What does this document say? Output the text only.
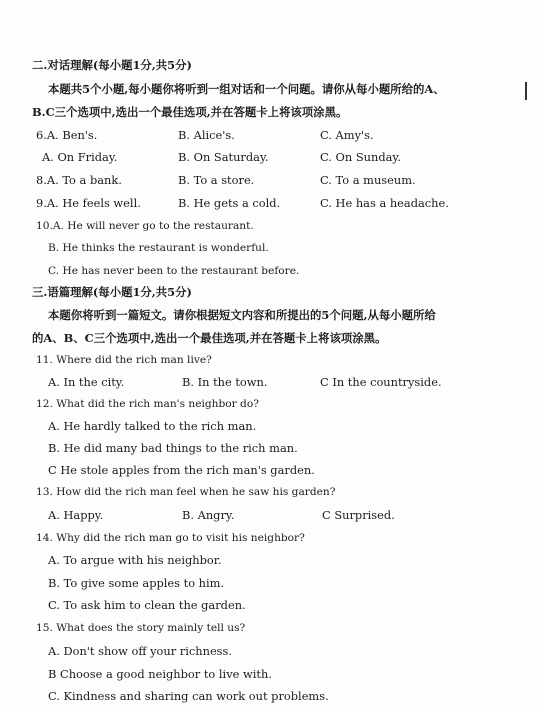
二.对话理解(每小题1分,共5分)
本题共5个小题,每小题你将听到一组对话和一个问题。请你从每小题所给的A、
B.C三个选项中,选出一个最佳选项,并在答题卡上将该项涂黑。
6.A. Ben's.	B. Alice's.	C. Amy's.
A. On Friday.	B. On Saturday.	C. On Sunday.
8.A. To a bank.	B. To a store.	C. To a museum.
9.A. He feels well.	B. He gets a cold.	C. He has a headache.
10.A. He will never go to the restaurant.
B. He thinks the restaurant is wonderful.
C. He has never been to the restaurant before.
三.语篇理解(每小题1分,共5分)
本题你将听到一篇短文。请你根据短文内容和所提出的5个问题,从每小题所给
的A、B、C三个选项中,选出一个最佳选项,并在答题卡上将该项涂黑。
11. Where did the rich man live?
A. In the city.	B. In the town.	C In the countryside.
12. What did the rich man's neighbor do?
A. He hardly talked to the rich man.
B. He did many bad things to the rich man.
C He stole apples from the rich man's garden.
13. How did the rich man feel when he saw his garden?
A. Happy.	B. Angry.	C Surprised.
14. Why did the rich man go to visit his neighbor?
A. To argue with his neighbor.
B. To give some apples to him.
C. To ask him to clean the garden.
15. What does the story mainly tell us?
A. Don't show off your richness.
B Choose a good neighbor to live with.
C. Kindness and sharing can work out problems.
